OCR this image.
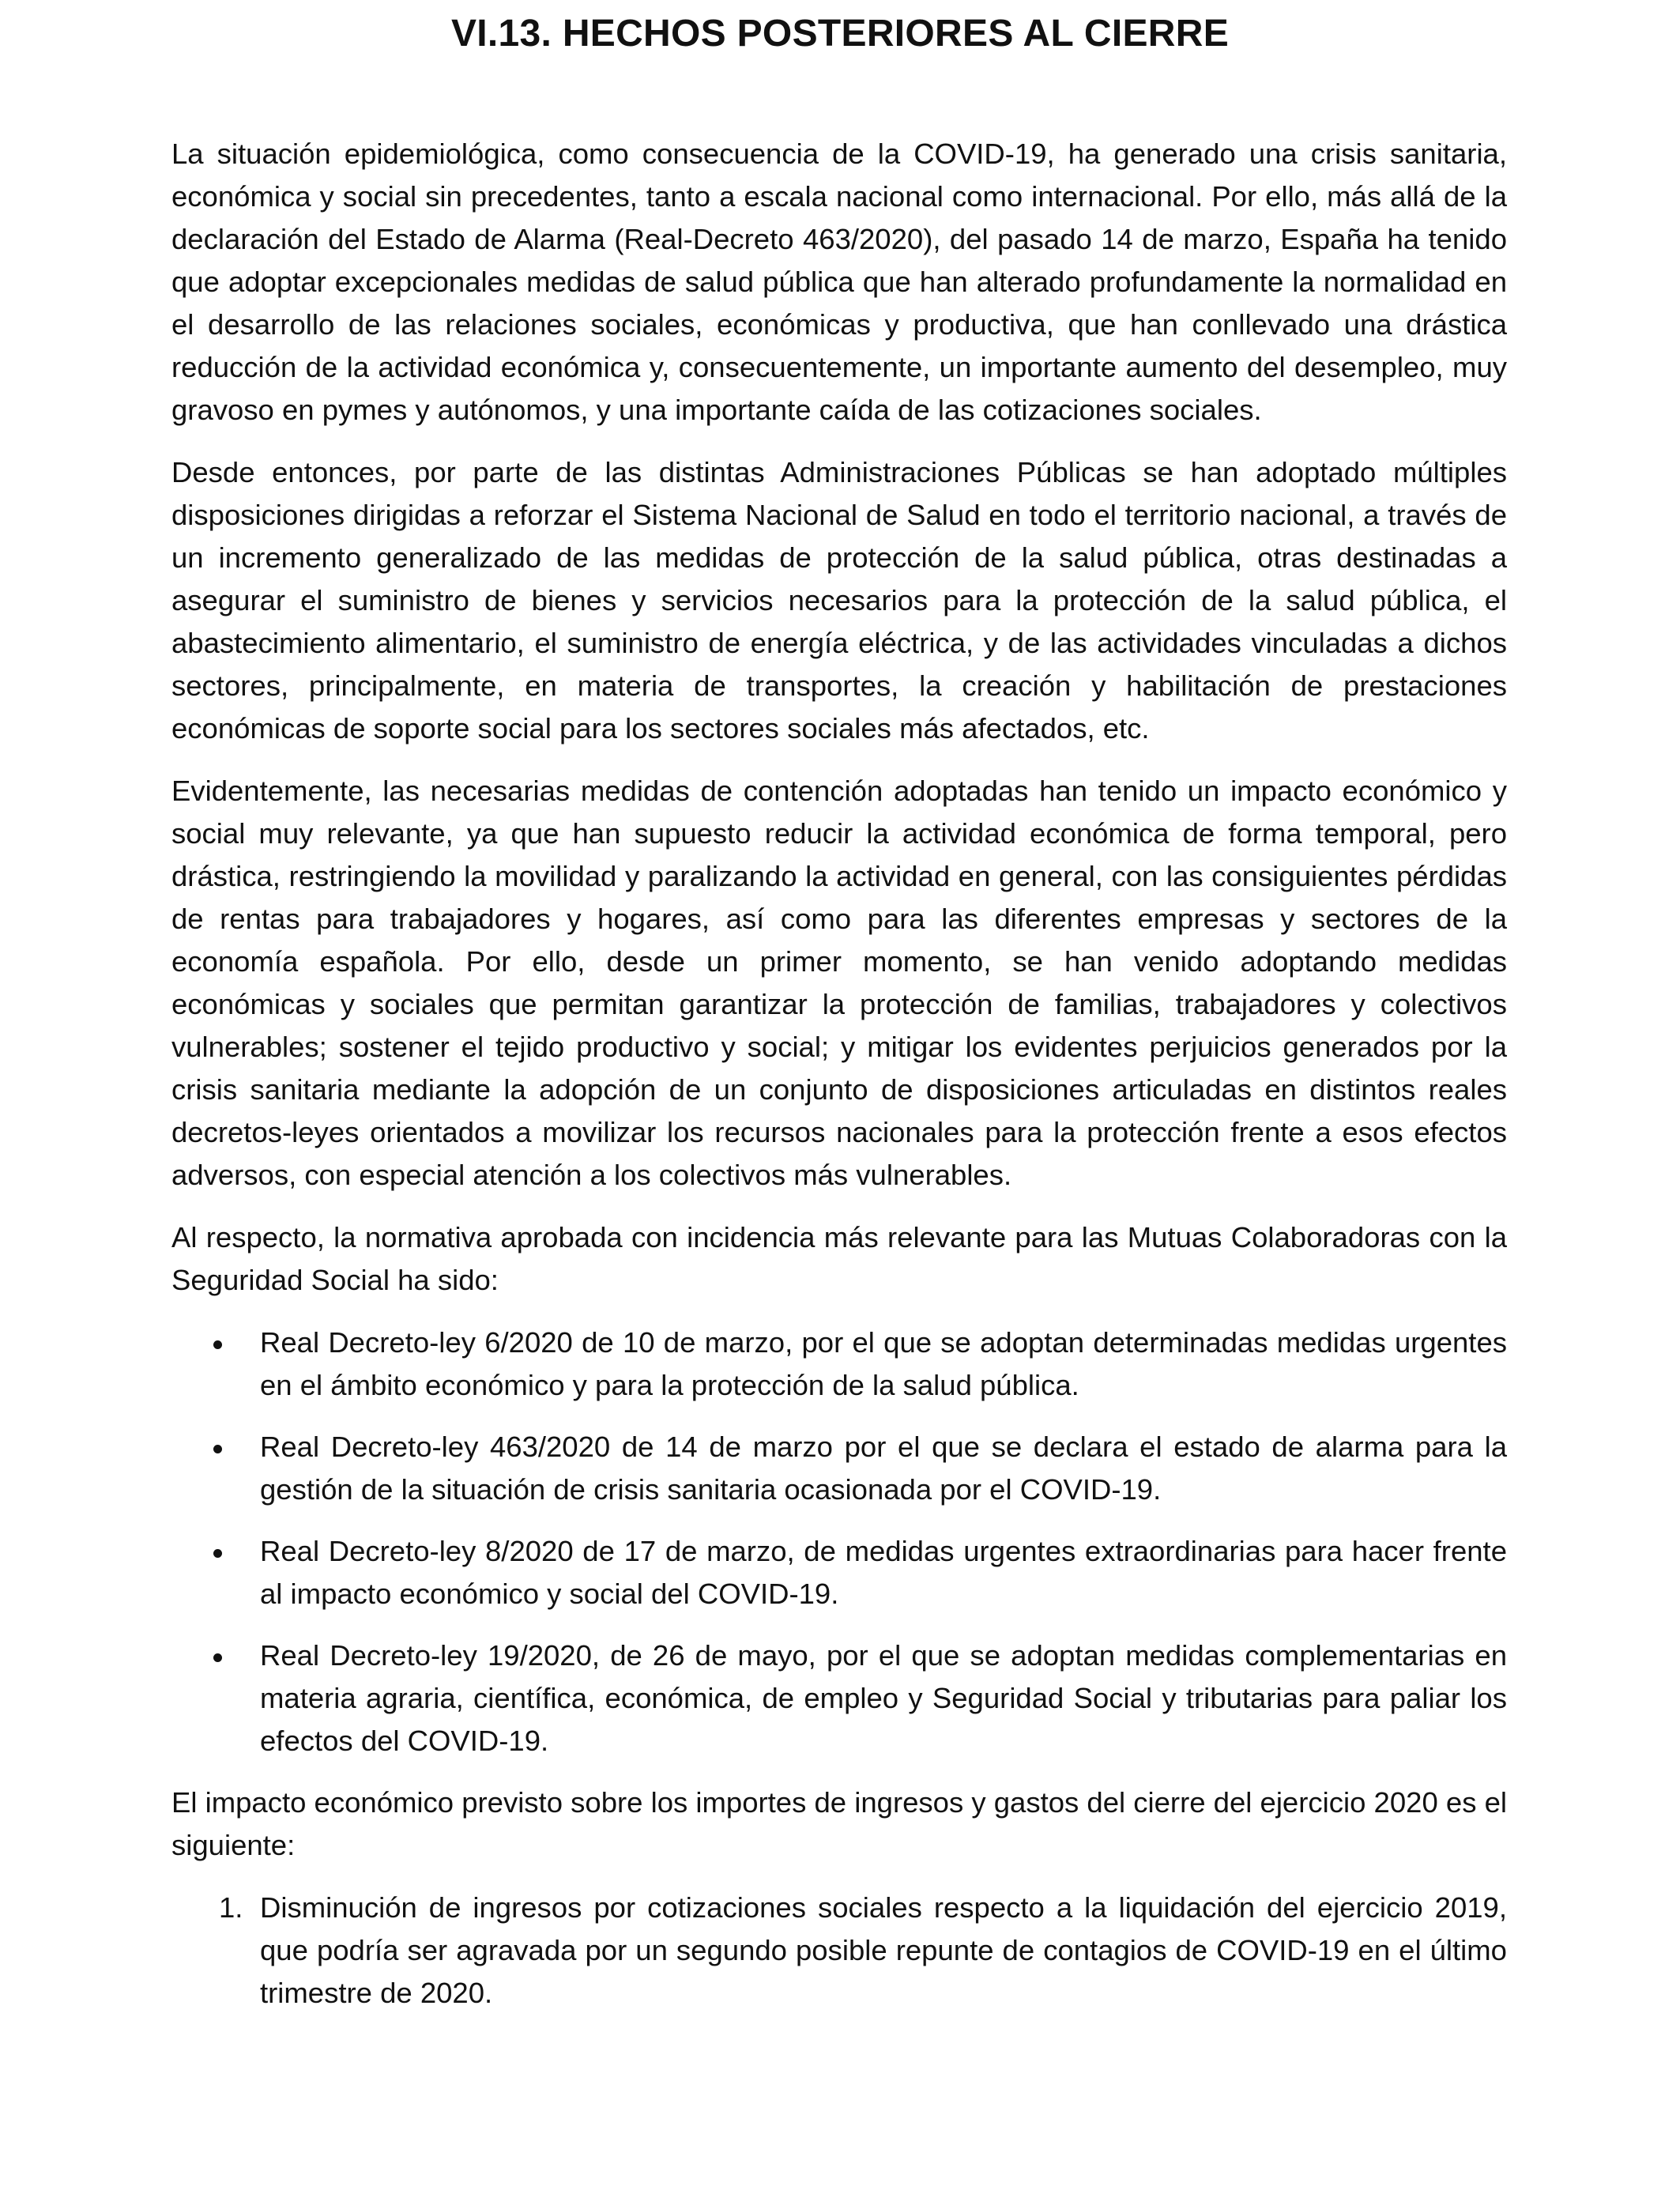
VI.13. HECHOS POSTERIORES AL CIERRE

La situación epidemiológica, como consecuencia de la COVID-19, ha generado una crisis sanitaria, económica y social sin precedentes, tanto a escala nacional como internacional. Por ello, más allá de la declaración del Estado de Alarma (Real-Decreto 463/2020), del pasado 14 de marzo, España ha tenido que adoptar excepcionales medidas de salud pública que han alterado profundamente la normalidad en el desarrollo de las relaciones sociales, económicas y productiva, que han conllevado una drástica reducción de la actividad económica y, consecuentemente, un importante aumento del desempleo, muy gravoso en pymes y autónomos, y una importante caída de las cotizaciones sociales.

Desde entonces, por parte de las distintas Administraciones Públicas se han adoptado múltiples disposiciones dirigidas a reforzar el Sistema Nacional de Salud en todo el territorio nacional, a través de un incremento generalizado de las medidas de protección de la salud pública, otras destinadas a asegurar el suministro de bienes y servicios necesarios para la protección de la salud pública, el abastecimiento alimentario, el suministro de energía eléctrica, y de las actividades vinculadas a dichos sectores, principalmente, en materia de transportes, la creación y habilitación de prestaciones económicas de soporte social para los sectores sociales más afectados, etc.

Evidentemente, las necesarias medidas de contención adoptadas han tenido un impacto económico y social muy relevante, ya que han supuesto reducir la actividad económica de forma temporal, pero drástica, restringiendo la movilidad y paralizando la actividad en general, con las consiguientes pérdidas de rentas para trabajadores y hogares, así como para las diferentes empresas y sectores de la economía española. Por ello, desde un primer momento, se han venido adoptando medidas económicas y sociales que permitan garantizar la protección de familias, trabajadores y colectivos vulnerables; sostener el tejido productivo y social; y mitigar los evidentes perjuicios generados por la crisis sanitaria mediante la adopción de un conjunto de disposiciones articuladas en distintos reales decretos-leyes orientados a movilizar los recursos nacionales para la protección frente a esos efectos adversos, con especial atención a los colectivos más vulnerables.

Al respecto, la normativa aprobada con incidencia más relevante para las Mutuas Colaboradoras con la Seguridad Social ha sido:

Real Decreto-ley 6/2020 de 10 de marzo, por el que se adoptan determinadas medidas urgentes en el ámbito económico y para la protección de la salud pública.
Real Decreto-ley 463/2020 de 14 de marzo por el que se declara el estado de alarma para la gestión de la situación de crisis sanitaria ocasionada por el COVID-19.
Real Decreto-ley 8/2020 de 17 de marzo, de medidas urgentes extraordinarias para hacer frente al impacto económico y social del COVID-19.
Real Decreto-ley 19/2020, de 26 de mayo, por el que se adoptan medidas complementarias en materia agraria, científica, económica, de empleo y Seguridad Social y tributarias para paliar los efectos del COVID-19.

El impacto económico previsto sobre los importes de ingresos y gastos del cierre del ejercicio 2020 es el siguiente:

1. Disminución de ingresos por cotizaciones sociales respecto a la liquidación del ejercicio 2019, que podría ser agravada por un segundo posible repunte de contagios de COVID-19 en el último trimestre de 2020.
